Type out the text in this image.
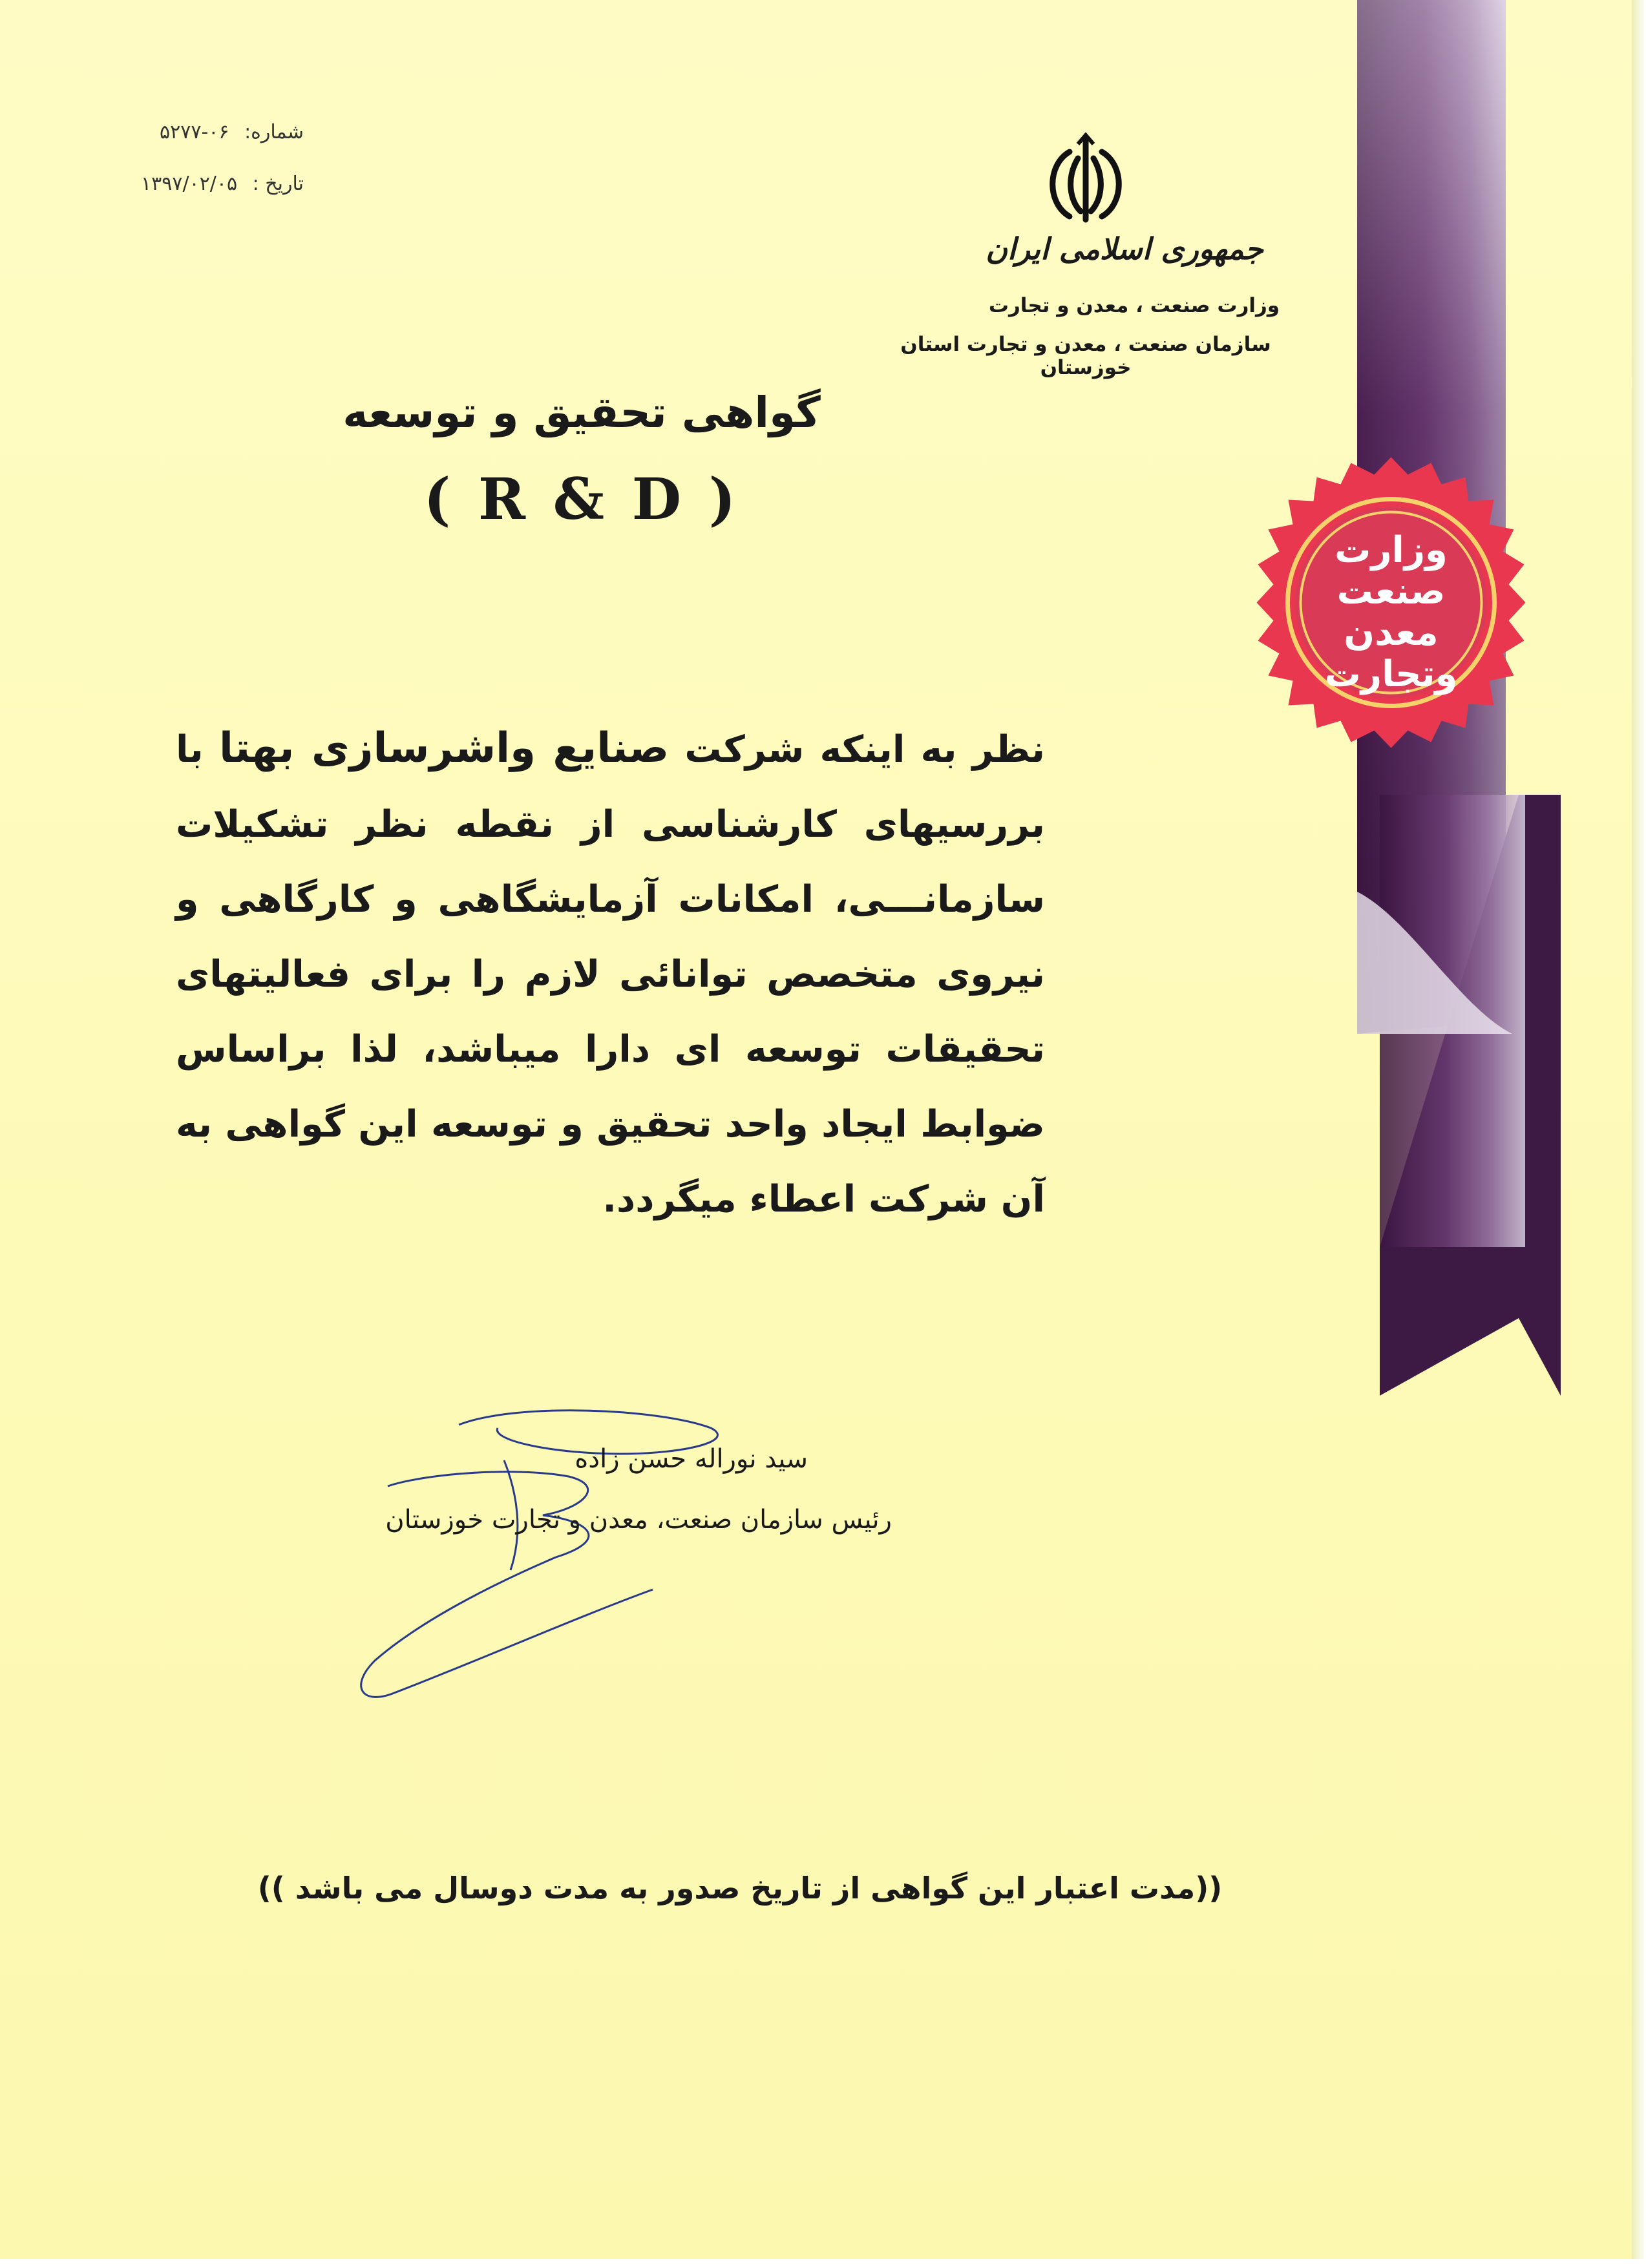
وزارت
صنعت
معدن
وتجارت
شماره: ۰۶-۵۲۷۷
تاریخ : ۱۳۹۷/۰۲/۰۵
جمهوری اسلامی ایران
وزارت صنعت ، معدن و تجارت
سازمان صنعت ، معدن و تجارت استان خوزستان
گواهی تحقیق و توسعه
( R & D )
نظر به اینکه شرکت صنایع واشرسازی بهتا با بررسیهای کارشناسی از نقطه نظر تشکیلات سازمانـــی، امکانات آزمایشگاهی و کارگاهی و نیروی متخصص توانائی لازم را برای فعالیتهای تحقیقات توسعه ای دارا میباشد، لذا براساس ضوابط ایجاد واحد تحقیق و توسعه این گواهی به آن شرکت اعطاء میگردد.
سید نوراله حسن زاده
رئیس سازمان صنعت، معدن و تجارت خوزستان
((مدت اعتبار این گواهی از تاریخ صدور به مدت دوسال می باشد ))
